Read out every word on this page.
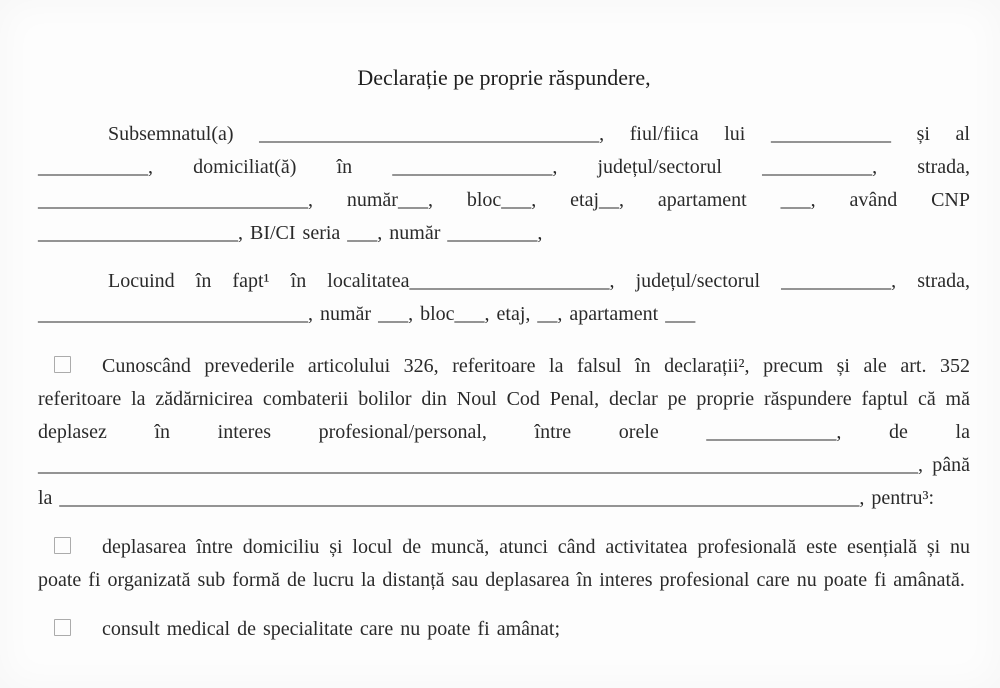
Declarație pe proprie răspundere,

Subsemnatul(a) __________________________________, fiul/fiica lui ____________ și al ___________, domiciliat(ă) în ________________, județul/sectorul ___________, strada, ___________________________, număr___, bloc___, etaj__, apartament ___, având CNP ____________________, BI/CI seria ___, număr _________,

Locuind în fapt¹ în localitatea____________________, județul/sectorul ___________, strada, ___________________________, număr ___, bloc___, etaj, __, apartament ___

Cunoscând prevederile articolului 326, referitoare la falsul în declarații², precum și ale art. 352 referitoare la zădărnicirea combaterii bolilor din Noul Cod Penal, declar pe proprie răspundere faptul că mă deplasez în interes profesional/personal, între orele _____________, de la ________________________________________________________________________________________, până la ________________________________________________________________________________, pentru³:

deplasarea între domiciliu și locul de muncă, atunci când activitatea profesională este esențială și nu poate fi organizată sub formă de lucru la distanță sau deplasarea în interes profesional care nu poate fi amânată.

consult medical de specialitate care nu poate fi amânat;
